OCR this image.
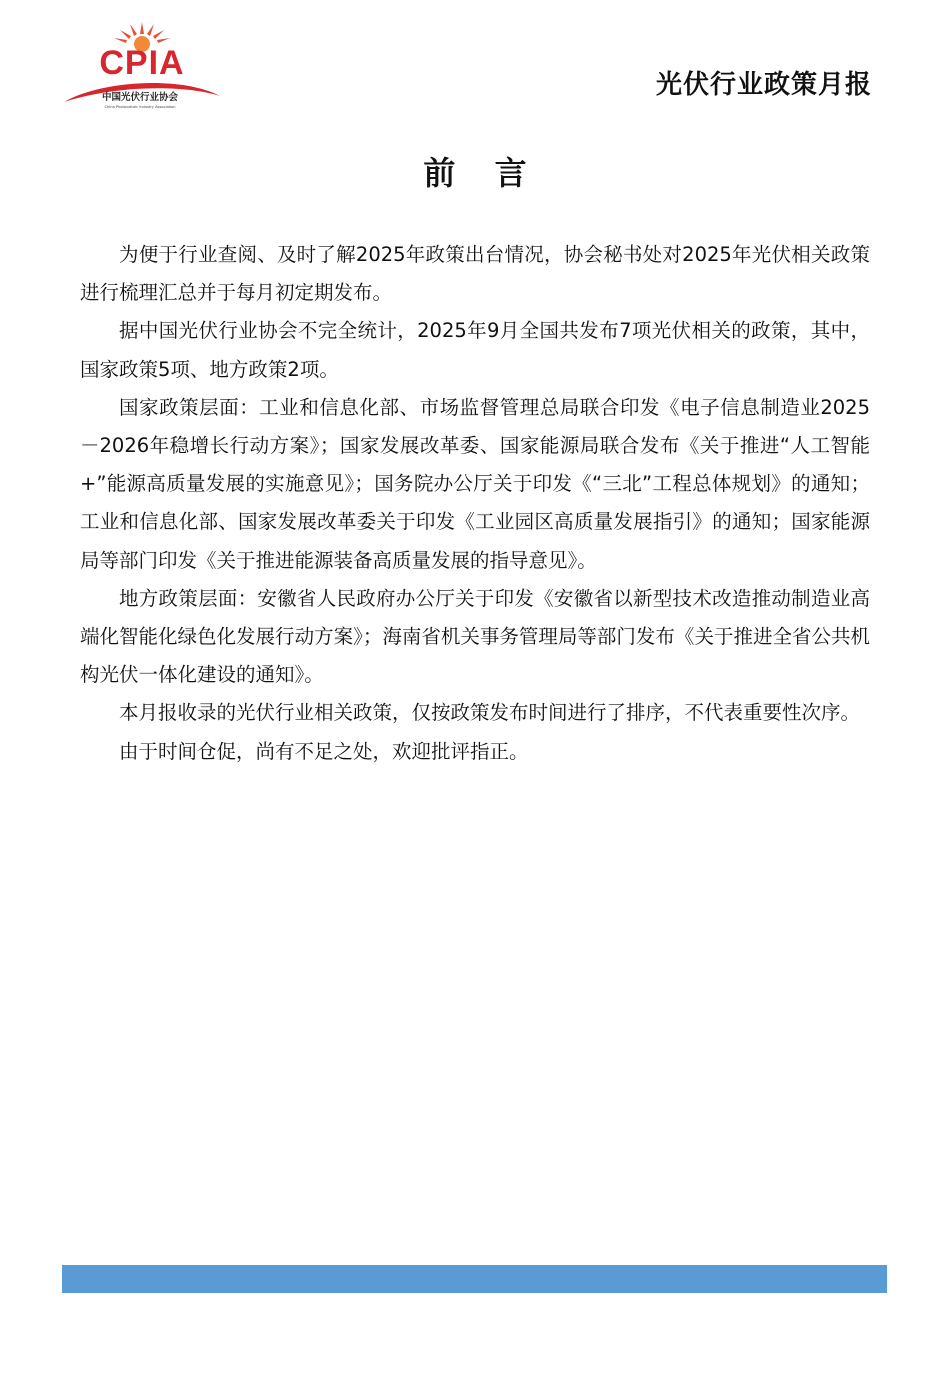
CPIA
中国光伏行业协会
China Photovoltaic Industry Association
光伏行业政策月报
前 言

为便于行业查阅、及时了解2025年政策出台情况，协会秘书处对2025年光伏相关政策进行梳理汇总并于每月初定期发布。

据中国光伏行业协会不完全统计，2025年9月全国共发布7项光伏相关的政策，其中，国家政策5项、地方政策2项。

国家政策层面：工业和信息化部、市场监督管理总局联合印发《电子信息制造业2025－2026年稳增长行动方案》；国家发展改革委、国家能源局联合发布《关于推进“人工智能+”能源高质量发展的实施意见》；国务院办公厅关于印发《“三北”工程总体规划》的通知；工业和信息化部、国家发展改革委关于印发《工业园区高质量发展指引》的通知；国家能源局等部门印发《关于推进能源装备高质量发展的指导意见》。

地方政策层面：安徽省人民政府办公厅关于印发《安徽省以新型技术改造推动制造业高端化智能化绿色化发展行动方案》；海南省机关事务管理局等部门发布《关于推进全省公共机构光伏一体化建设的通知》。

本月报收录的光伏行业相关政策，仅按政策发布时间进行了排序，不代表重要性次序。

由于时间仓促，尚有不足之处，欢迎批评指正。
